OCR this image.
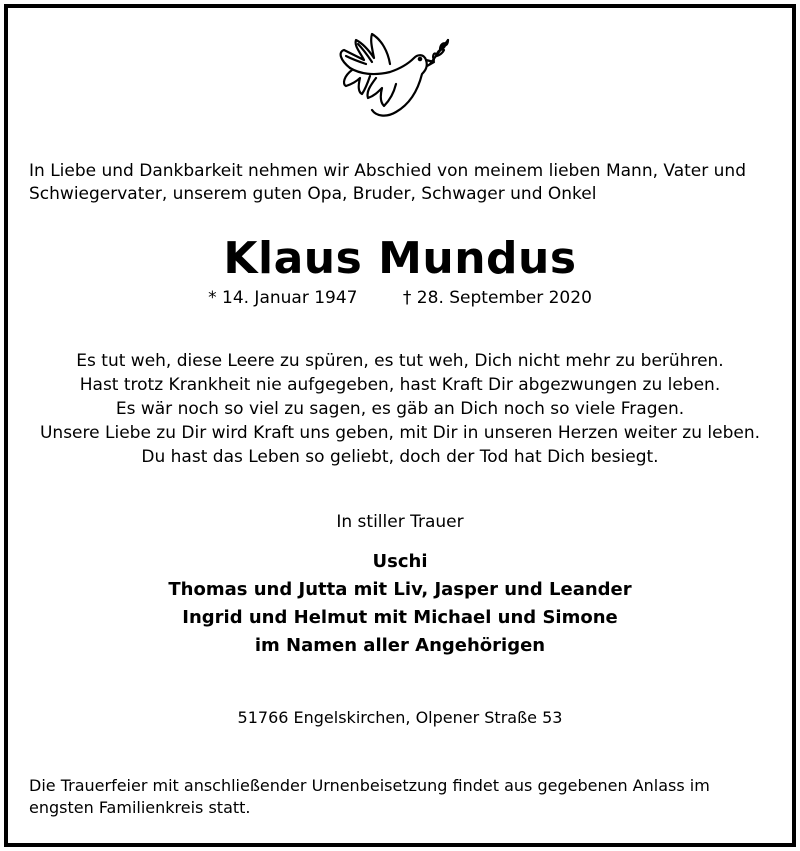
In Liebe und Dankbarkeit nehmen wir Abschied von meinem lieben Mann, Vater und
Schwiegervater, unserem guten Opa, Bruder, Schwager und Onkel
Klaus Mundus
* 14. Januar 1947	† 28. September 2020
Es tut weh, diese Leere zu spüren, es tut weh, Dich nicht mehr zu berühren.
Hast trotz Krankheit nie aufgegeben, hast Kraft Dir abgezwungen zu leben.
Es wär noch so viel zu sagen, es gäb an Dich noch so viele Fragen.
Unsere Liebe zu Dir wird Kraft uns geben, mit Dir in unseren Herzen weiter zu leben.
Du hast das Leben so geliebt, doch der Tod hat Dich besiegt.
In stiller Trauer
Uschi
Thomas und Jutta mit Liv, Jasper und Leander
Ingrid und Helmut mit Michael und Simone
im Namen aller Angehörigen
51766 Engelskirchen, Olpener Straße 53
Die Trauerfeier mit anschließender Urnenbeisetzung findet aus gegebenen Anlass im engsten Familienkreis statt.
